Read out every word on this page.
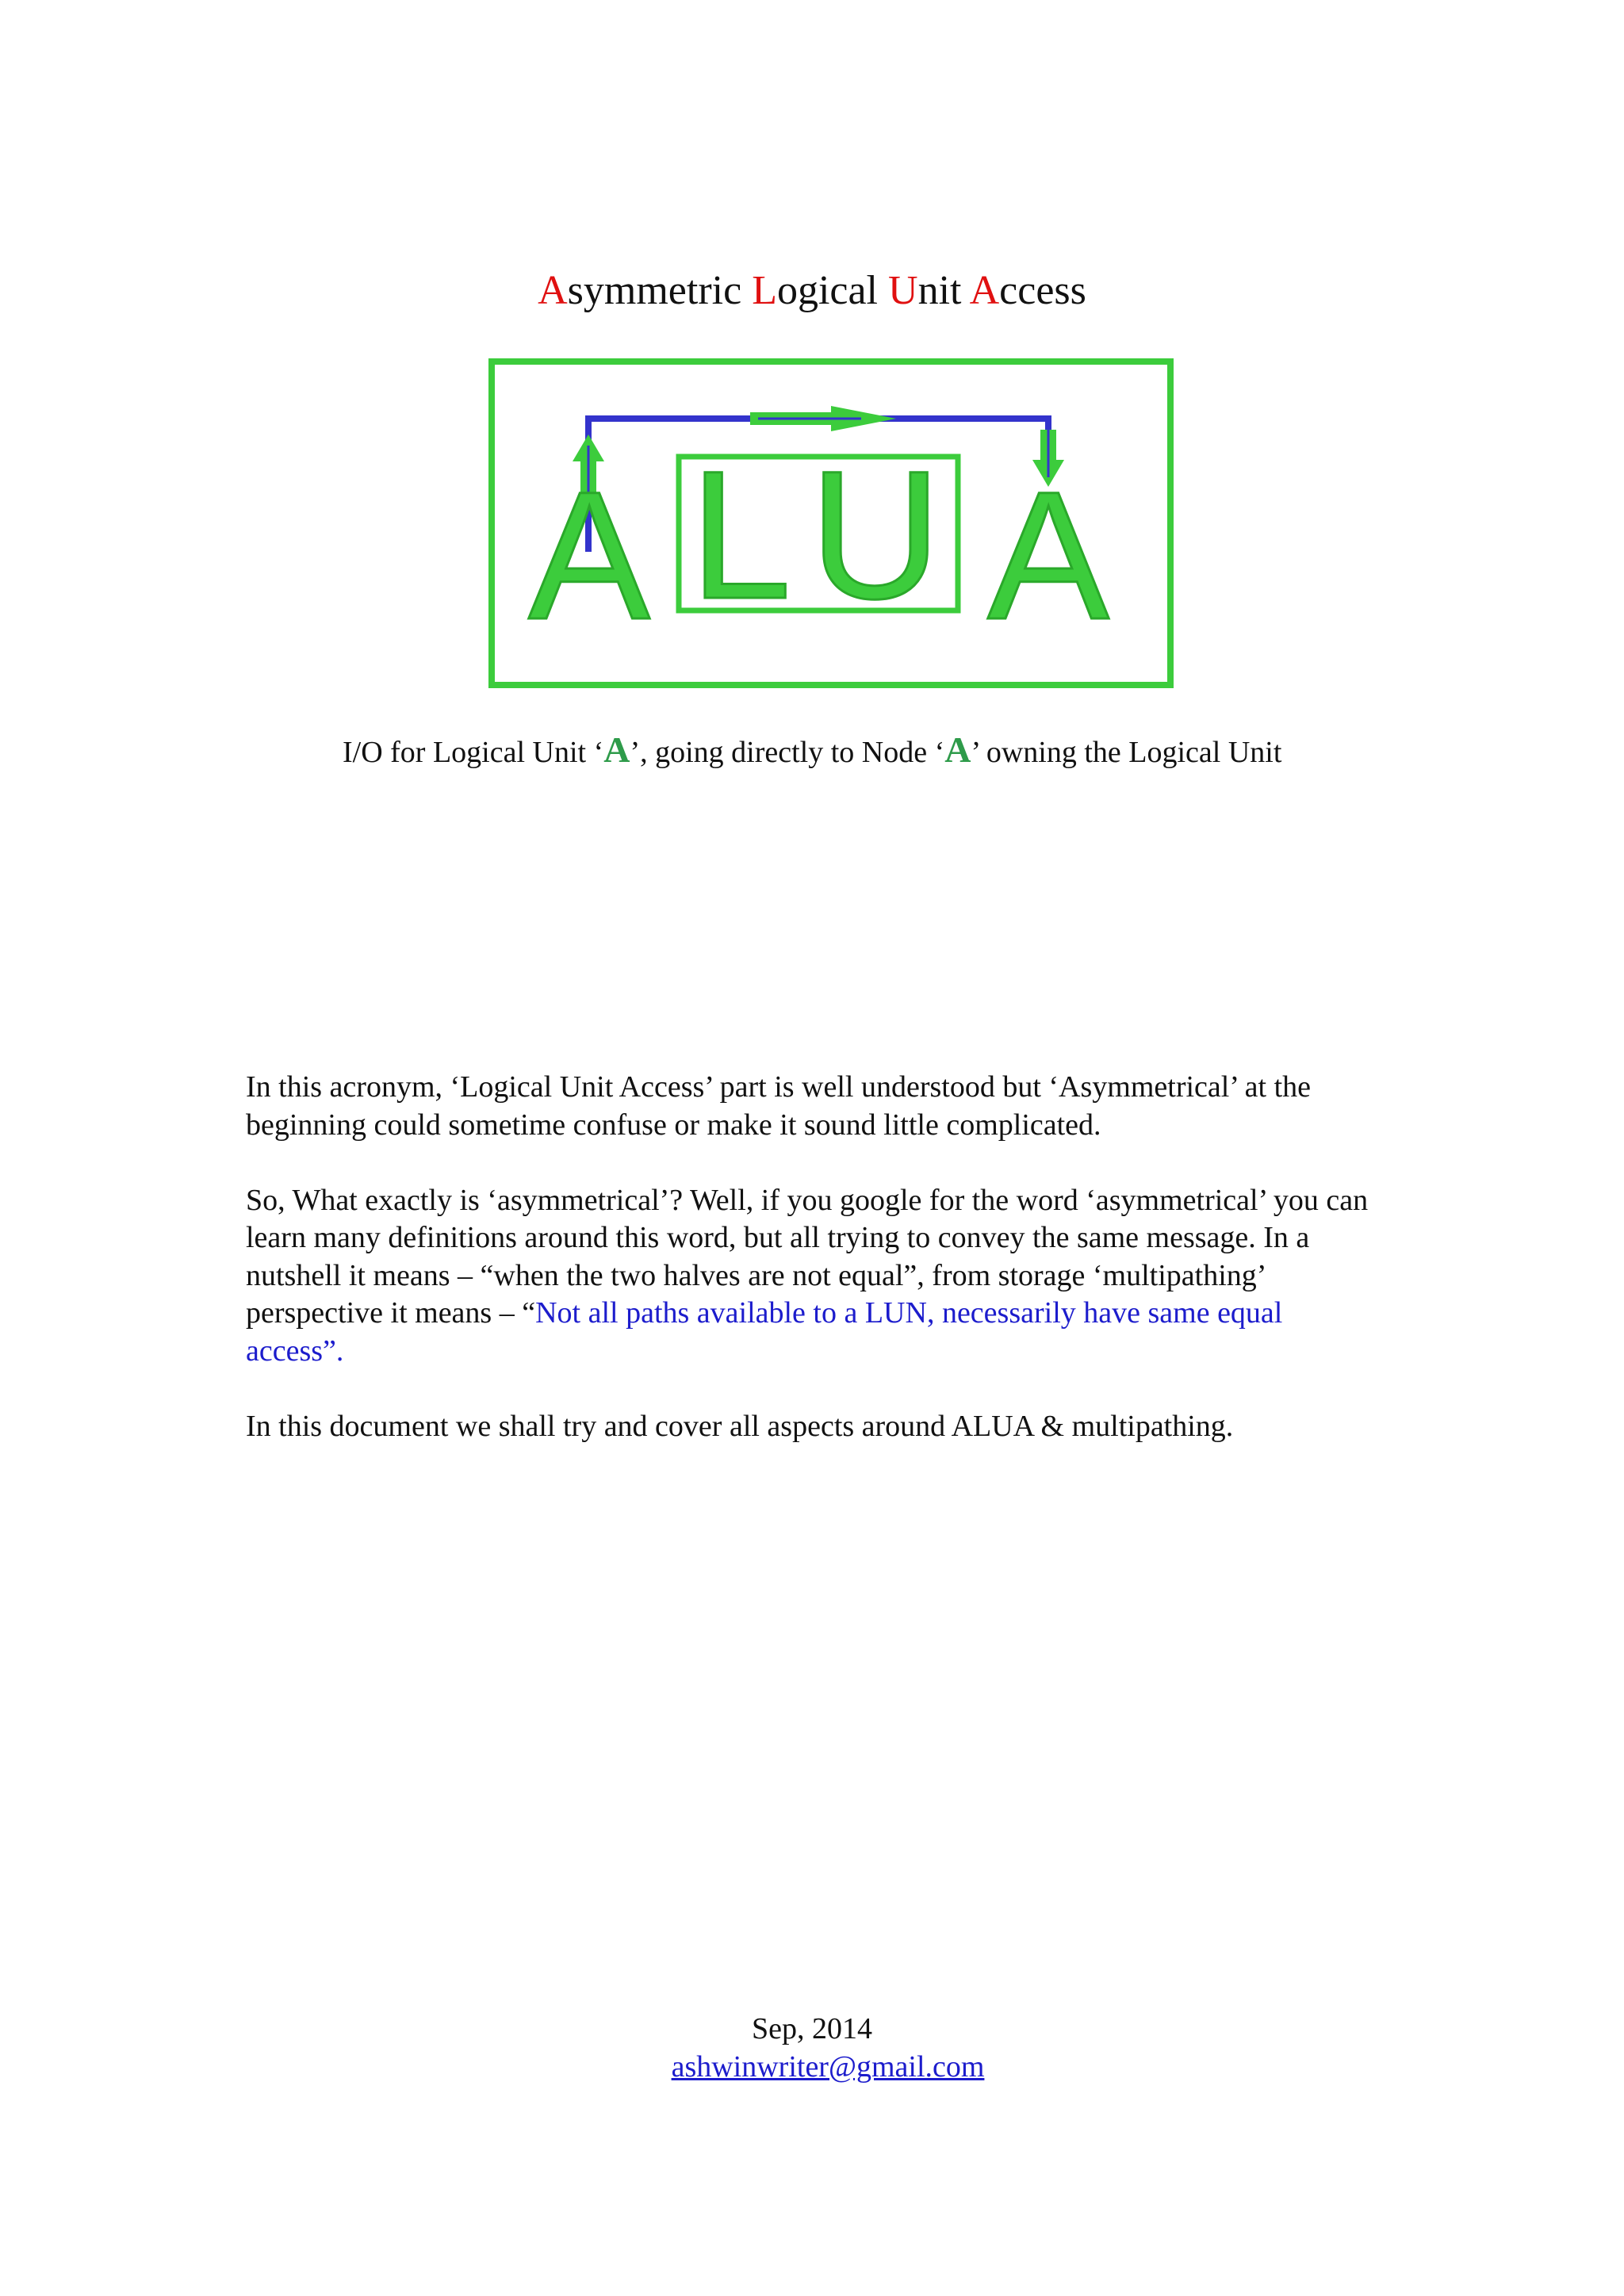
Asymmetric Logical Unit Access
A L U A
I/O for Logical Unit ‘A’, going directly to Node ‘A’ owning the Logical Unit

In this acronym, ‘Logical Unit Access’ part is well understood but ‘Asymmetrical’ at the beginning could sometime confuse or make it sound little complicated.

So, What exactly is ‘asymmetrical’? Well, if you google for the word ‘asymmetrical’ you can learn many definitions around this word, but all trying to convey the same message. In a nutshell it means – “when the two halves are not equal”, from storage ‘multipathing’ perspective it means – “Not all paths available to a LUN, necessarily have same equal access”.

In this document we shall try and cover all aspects around ALUA & multipathing.

Sep, 2014
ashwinwriter@gmail.com
